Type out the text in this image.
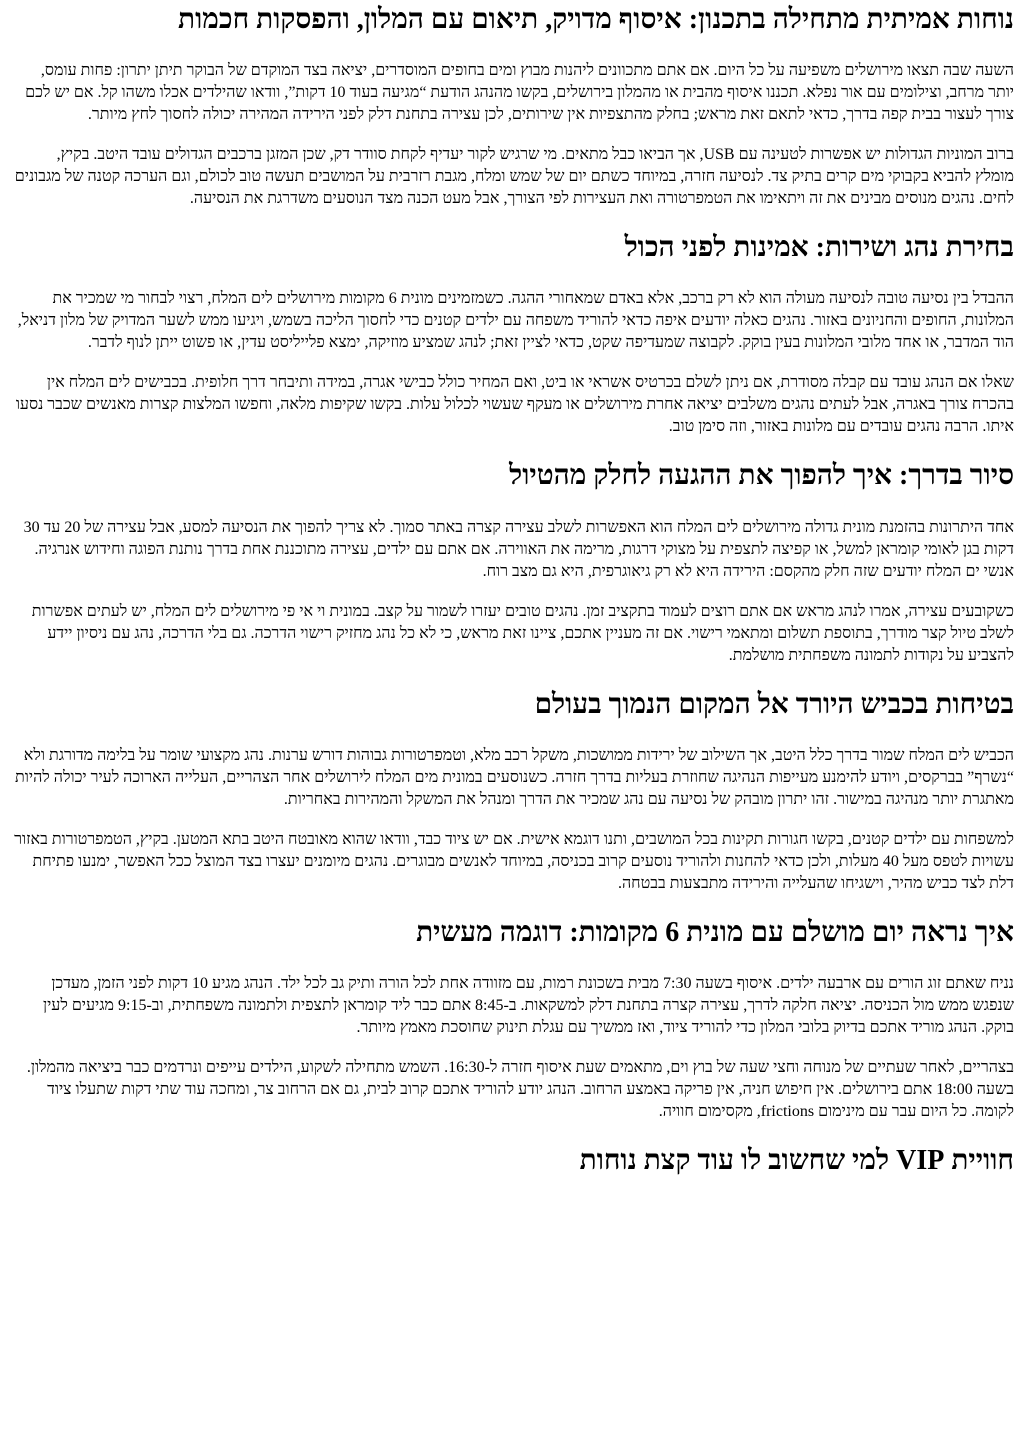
נוחות אמיתית מתחילה בתכנון: איסוף מדויק, תיאום עם המלון, והפסקות חכמות

השעה שבה תצאו מירושלים משפיעה על כל היום. אם אתם מתכוונים ליהנות מבוץ ומים בחופים המוסדרים, יציאה בצד המוקדם של הבוקר תיתן יתרון: פחות עומס, יותר מרחב, וצילומים עם אור נפלא. תכננו איסוף מהבית או מהמלון בירושלים, בקשו מהנהג הודעת “מגיעה בעוד 10 דקות”, וודאו שהילדים אכלו משהו קל. אם יש לכם צורך לעצור בבית קפה בדרך, כדאי לתאם זאת מראש; בחלק מהתצפיות אין שירותים, לכן עצירה בתחנת דלק לפני הירידה המהירה יכולה לחסוך לחץ מיותר.

ברוב המוניות הגדולות יש אפשרות לטעינה עם USB, אך הביאו כבל מתאים. מי שרגיש לקור יעדיף לקחת סוודר דק, שכן המזגן ברכבים הגדולים עובד היטב. בקיץ, מומלץ להביא בקבוקי מים קרים בתיק צד. לנסיעה חזרה, במיוחד כשתם יום של שמש ומלח, מגבת רזרבית על המושבים תעשה טוב לכולם, וגם הערכה קטנה של מגבונים לחים. נהגים מנוסים מבינים את זה ויתאימו את הטמפרטורה ואת העצירות לפי הצורך, אבל מעט הכנה מצד הנוסעים משדרגת את הנסיעה.

בחירת נהג ושירות: אמינות לפני הכול

ההבדל בין נסיעה טובה לנסיעה מעולה הוא לא רק ברכב, אלא באדם שמאחורי ההגה. כשמזמינים מונית 6 מקומות מירושלים לים המלח, רצוי לבחור מי שמכיר את המלונות, החופים והחניונים באזור. נהגים כאלה יודעים איפה כדאי להוריד משפחה עם ילדים קטנים כדי לחסוך הליכה בשמש, ויגיעו ממש לשער המדויק של מלון דניאל, הוד המדבר, או אחד מלובי המלונות בעין בוקק. לקבוצה שמעדיפה שקט, כדאי לציין זאת; לנהג שמציע מוזיקה, ימצא פלייליסט עדין, או פשוט ייתן לנוף לדבר.

שאלו אם הנהג עובד עם קבלה מסודרת, אם ניתן לשלם בכרטיס אשראי או ביט, ואם המחיר כולל כבישי אגרה, במידה ותיבחר דרך חלופית. בכבישים לים המלח אין בהכרח צורך באגרה, אבל לעתים נהגים משלבים יציאה אחרת מירושלים או מעקף שעשוי לכלול עלות. בקשו שקיפות מלאה, וחפשו המלצות קצרות מאנשים שכבר נסעו איתו. הרבה נהגים עובדים עם מלונות באזור, וזה סימן טוב.

סיור בדרך: איך להפוך את ההגעה לחלק מהטיול

אחד היתרונות בהזמנת מונית גדולה מירושלים לים המלח הוא האפשרות לשלב עצירה קצרה באתר סמוך. לא צריך להפוך את הנסיעה למסע, אבל עצירה של 20 עד 30 דקות בגן לאומי קומראן למשל, או קפיצה לתצפית על מצוקי דרגות, מרימה את האווירה. אם אתם עם ילדים, עצירה מתוכננת אחת בדרך נותנת הפוגה וחידוש אנרגיה. אנשי ים המלח יודעים שזה חלק מהקסם: הירידה היא לא רק גיאוגרפית, היא גם מצב רוח.

כשקובעים עצירה, אמרו לנהג מראש אם אתם רוצים לעמוד בתקציב זמן. נהגים טובים יעזרו לשמור על קצב. במונית וי אי פי מירושלים לים המלח, יש לעתים אפשרות לשלב טיול קצר מודרך, בתוספת תשלום ומתאמי רישוי. אם זה מעניין אתכם, ציינו זאת מראש, כי לא כל נהג מחזיק רישוי הדרכה. גם בלי הדרכה, נהג עם ניסיון יידע להצביע על נקודות לתמונה משפחתית מושלמת.

בטיחות בכביש היורד אל המקום הנמוך בעולם

הכביש לים המלח שמור בדרך כלל היטב, אך השילוב של ירידות ממושכות, משקל רכב מלא, וטמפרטורות גבוהות דורש ערנות. נהג מקצועי שומר על בלימה מדורגת ולא “נשרף” בברקסים, ויודע להימנע מעייפות הנהיגה שחוזרת בעליות בדרך חזרה. כשנוסעים במונית מים המלח לירושלים אחר הצהריים, העלייה הארוכה לעיר יכולה להיות מאתגרת יותר מנהיגה במישור. זהו יתרון מובהק של נסיעה עם נהג שמכיר את הדרך ומנהל את המשקל והמהירות באחריות.

למשפחות עם ילדים קטנים, בקשו חגורות תקינות בכל המושבים, ותנו דוגמא אישית. אם יש ציוד כבד, וודאו שהוא מאובטח היטב בתא המטען. בקיץ, הטמפרטורות באזור עשויות לטפס מעל 40 מעלות, ולכן כדאי להחנות ולהוריד נוסעים קרוב בכניסה, במיוחד לאנשים מבוגרים. נהגים מיומנים יעצרו בצד המוצל ככל האפשר, ימנעו פתיחת דלת לצד כביש מהיר, וישגיחו שהעלייה והירידה מתבצעות בבטחה.

איך נראה יום מושלם עם מונית 6 מקומות: דוגמה מעשית

נניח שאתם זוג הורים עם ארבעה ילדים. איסוף בשעה 7:30 מבית בשכונת רמות, עם מזוודה אחת לכל הורה ותיק גב לכל ילד. הנהג מגיע 10 דקות לפני הזמן, מעדכן שנפגש ממש מול הכניסה. יציאה חלקה לדרך, עצירה קצרה בתחנת דלק למשקאות. ב-8:45 אתם כבר ליד קומראן לתצפית ולתמונה משפחתית, וב-9:15 מגיעים לעין בוקק. הנהג מוריד אתכם בדיוק בלובי המלון כדי להוריד ציוד, ואז ממשיך עם עגלת תינוק שחוסכת מאמץ מיותר.

בצהריים, לאחר שעתיים של מנוחה וחצי שעה של בוץ וים, מתאמים שעת איסוף חזרה ל-16:30. השמש מתחילה לשקוע, הילדים עייפים ונרדמים כבר ביציאה מהמלון. בשעה 18:00 אתם בירושלים. אין חיפוש חניה, אין פריקה באמצע הרחוב. הנהג יודע להוריד אתכם קרוב לבית, גם אם הרחוב צר, ומחכה עוד שתי דקות שתעלו ציוד לקומה. כל היום עבר עם מינימום frictions, מקסימום חוויה.

חוויית VIP למי שחשוב לו עוד קצת נוחות
